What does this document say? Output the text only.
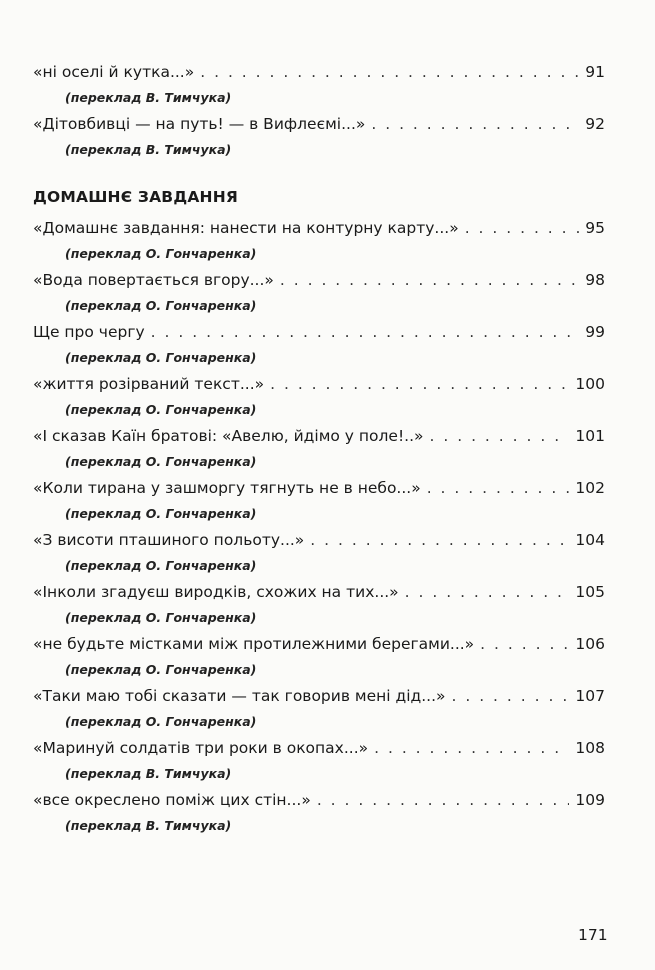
«ні оселі й кутка...» . . .	91
(переклад В. Тимчука)
«Дітовбивці — на путь! — в Вифлеємі...» . . .	92
(переклад В. Тимчука)
ДОМАШНЄ ЗАВДАННЯ
«Домашнє завдання: нанести на контурну карту...» . . .	95
(переклад О. Гончаренка)
«Вода повертається вгору...» . . .	98
(переклад О. Гончаренка)
Ще про чергу . . .	99
(переклад О. Гончаренка)
«життя розірваний текст...» . . .	100
(переклад О. Гончаренка)
«І сказав Каїн братові: «Авелю, йдімо у поле!..» . . .	101
(переклад О. Гончаренка)
«Коли тирана у зашморгу тягнуть не в небо...» . . .	102
(переклад О. Гончаренка)
«З висоти пташиного польоту...» . . .	104
(переклад О. Гончаренка)
«Інколи згадуєш виродків, схожих на тих...» . . .	105
(переклад О. Гончаренка)
«не будьте містками між протилежними берегами...» . . .	106
(переклад О. Гончаренка)
«Таки маю тобі сказати — так говорив мені дід...» . . .	107
(переклад О. Гончаренка)
«Маринуй солдатів три роки в окопах...» . . .	108
(переклад В. Тимчука)
«все окреслено поміж цих стін...» . . .	109
(переклад В. Тимчука)
171
